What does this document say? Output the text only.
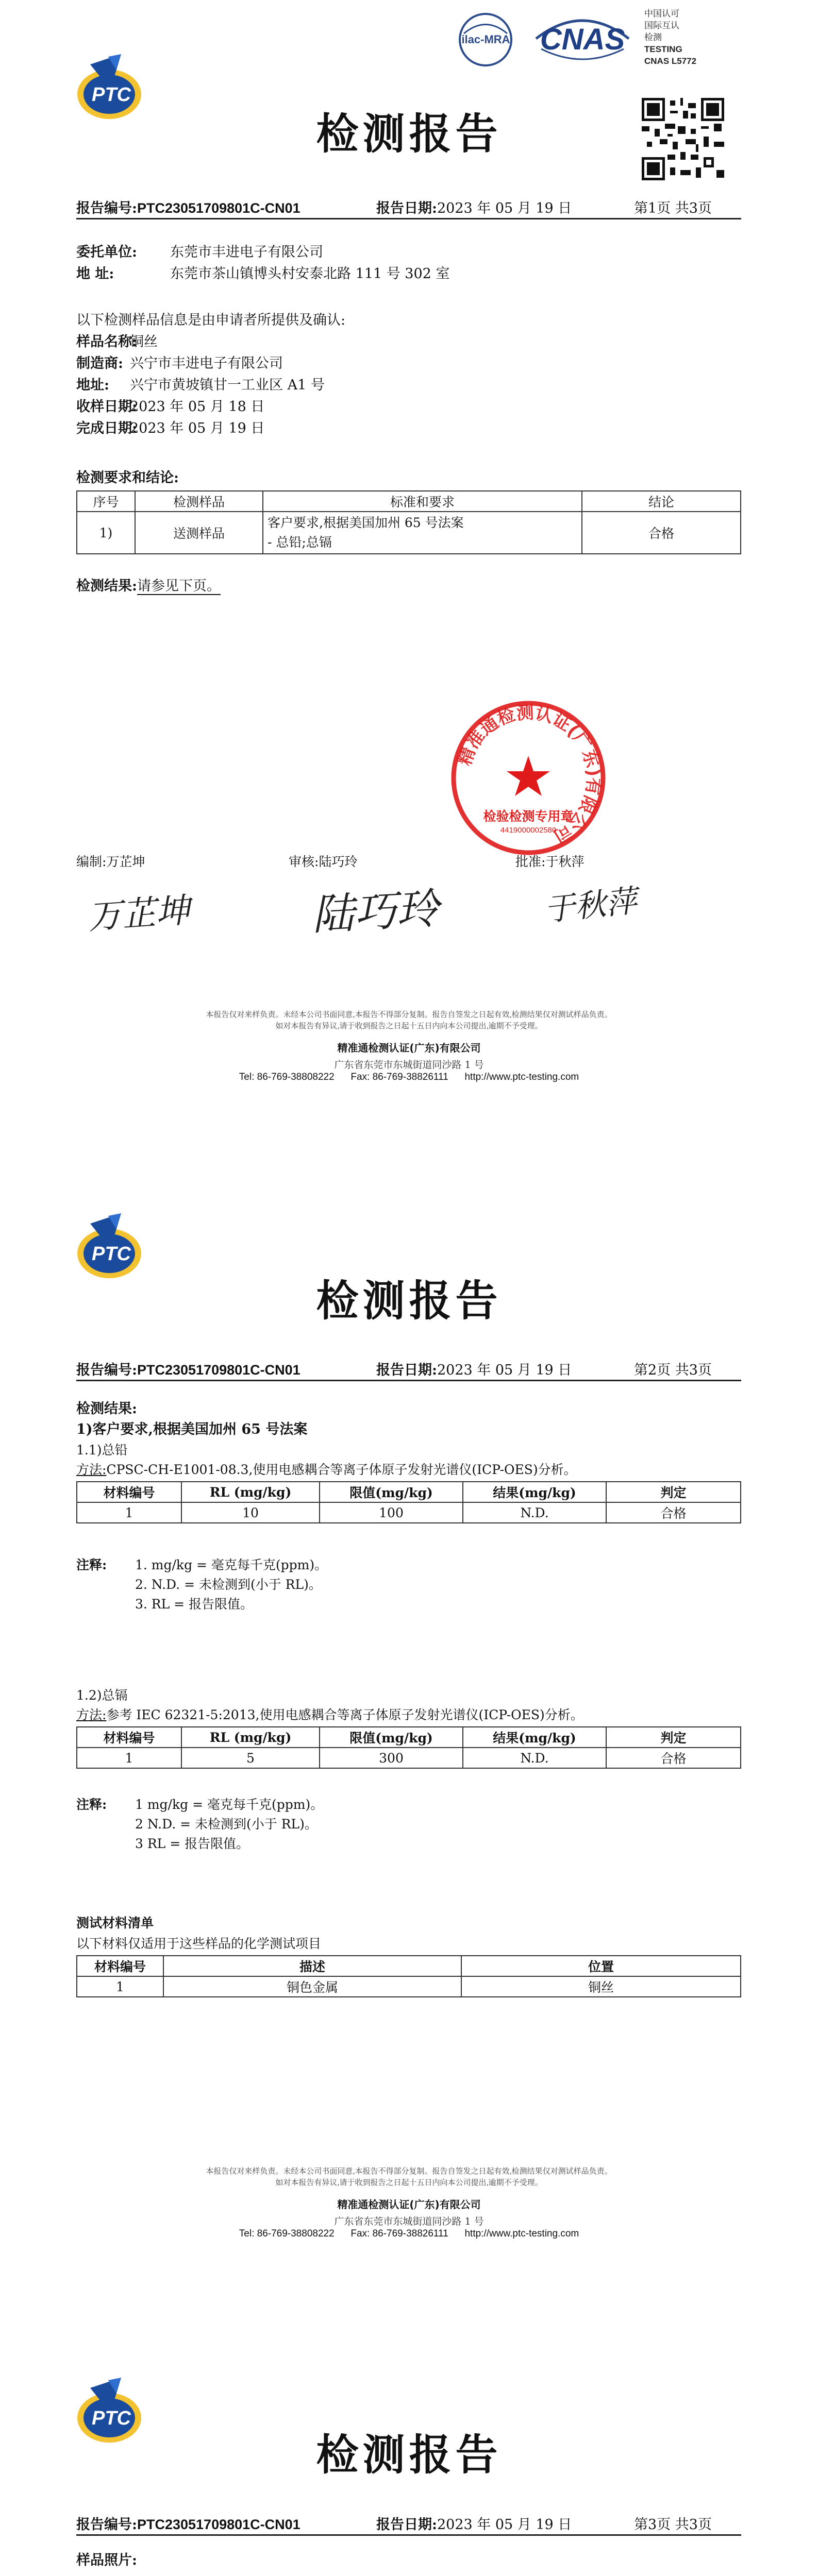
PTC
ilac-MRA	CNAS
中国认可
国际互认
检测
TESTING
CNAS L5772
检测报告
报告编号:PTC23051709801C-CN01	报告日期:2023 年 05 月 19 日	第1页 共3页
委托单位: 东莞市丰进电子有限公司
地 址:	东莞市茶山镇博头村安泰北路 111 号 302 室
以下检测样品信息是由申请者所提供及确认:
样品名称:
铜丝
制造商: 兴宁市丰进电子有限公司
地址: 兴宁市黄坡镇甘一工业区 A1 号
收样日期:
2023 年 05 月 18 日
完成日期:
2023 年 05 月 19 日
检测要求和结论:
序号	检测样品	标准和要求	结论
1)	送测样品	客户要求,根据美国加州 65 号法案
- 总铅;总镉	合格
检测结果:请参见下页。
精准通检测认证(广东)有限公司
检验检测专用章
4419000002580
编制:万芷坤	审核:陆巧玲	批准:于秋萍
万芷坤	陆巧玲	于秋萍
本报告仅对来样负责。未经本公司书面同意,本报告不得部分复制。报告自签发之日起有效,检测结果仅对测试样品负责。
如对本报告有异议,请于收到报告之日起十五日内向本公司提出,逾期不予受理。
精准通检测认证(广东)有限公司
广东省东莞市东城街道同沙路 1 号
Tel: 86-769-38808222 Fax: 86-769-38826111 http://www.ptc-testing.com
PTC
检测报告
报告编号:PTC23051709801C-CN01	报告日期:2023 年 05 月 19 日	第2页 共3页
检测结果:
1)客户要求,根据美国加州 65 号法案
1.1)总铅
方法:CPSC-CH-E1001-08.3,使用电感耦合等离子体原子发射光谱仪(ICP-OES)分析。
材料编号	RL (mg/kg)	限值(mg/kg)	结果(mg/kg)	判定
1	10	100	N.D.	合格
注释: 1. mg/kg = 毫克每千克(ppm)。
2. N.D. = 未检测到(小于 RL)。
3. RL = 报告限值。
1.2)总镉
方法:参考 IEC 62321-5:2013,使用电感耦合等离子体原子发射光谱仪(ICP-OES)分析。
材料编号	RL (mg/kg)	限值(mg/kg)	结果(mg/kg)	判定
1	5	300	N.D.	合格
注释: 1 mg/kg = 毫克每千克(ppm)。
2 N.D. = 未检测到(小于 RL)。
3 RL = 报告限值。
测试材料清单
以下材料仅适用于这些样品的化学测试项目
材料编号	描述	位置
1	铜色金属	铜丝
本报告仅对来样负责。未经本公司书面同意,本报告不得部分复制。报告自签发之日起有效,检测结果仅对测试样品负责。
如对本报告有异议,请于收到报告之日起十五日内向本公司提出,逾期不予受理。
精准通检测认证(广东)有限公司
广东省东莞市东城街道同沙路 1 号
Tel: 86-769-38808222 Fax: 86-769-38826111 http://www.ptc-testing.com
PTC
检测报告
报告编号:PTC23051709801C-CN01	报告日期:2023 年 05 月 19 日	第3页 共3页
样品照片:
